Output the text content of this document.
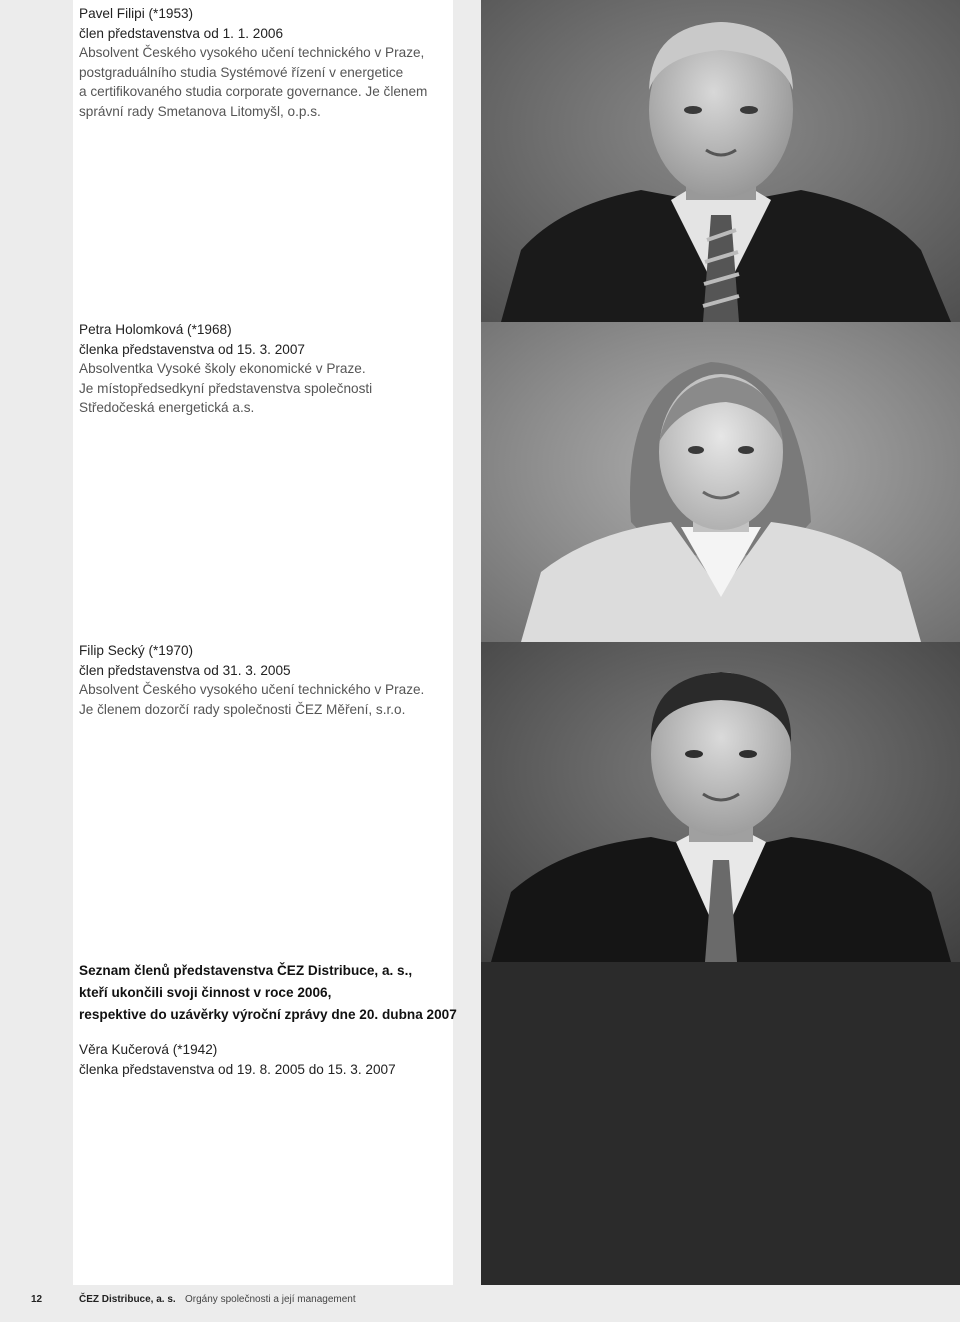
Pavel Filipi (*1953)

člen představenstva od 1. 1. 2006

Absolvent Českého vysokého učení technického v Praze,

postgraduálního studia Systémové řízení v energetice

a certifikovaného studia corporate governance. Je členem

správní rady Smetanova Litomyšl, o.p.s.

Petra Holomková (*1968)

členka představenstva od 15. 3. 2007

Absolventka Vysoké školy ekonomické v Praze.

Je místopředsedkyní představenstva společnosti

Středočeská energetická a.s.

Filip Secký (*1970)

člen představenstva od 31. 3. 2005

Absolvent Českého vysokého učení technického v Praze.

Je členem dozorčí rady společnosti ČEZ Měření, s.r.o.

Seznam členů představenstva ČEZ Distribuce, a. s.,

kteří ukončili svoji činnost v roce 2006,

respektive do uzávěrky výroční zprávy dne 20. dubna 2007

Věra Kučerová (*1942)

členka představenstva od 19. 8. 2005 do 15. 3. 2007

12	ČEZ Distribuce, a. s. Orgány společnosti a její management
